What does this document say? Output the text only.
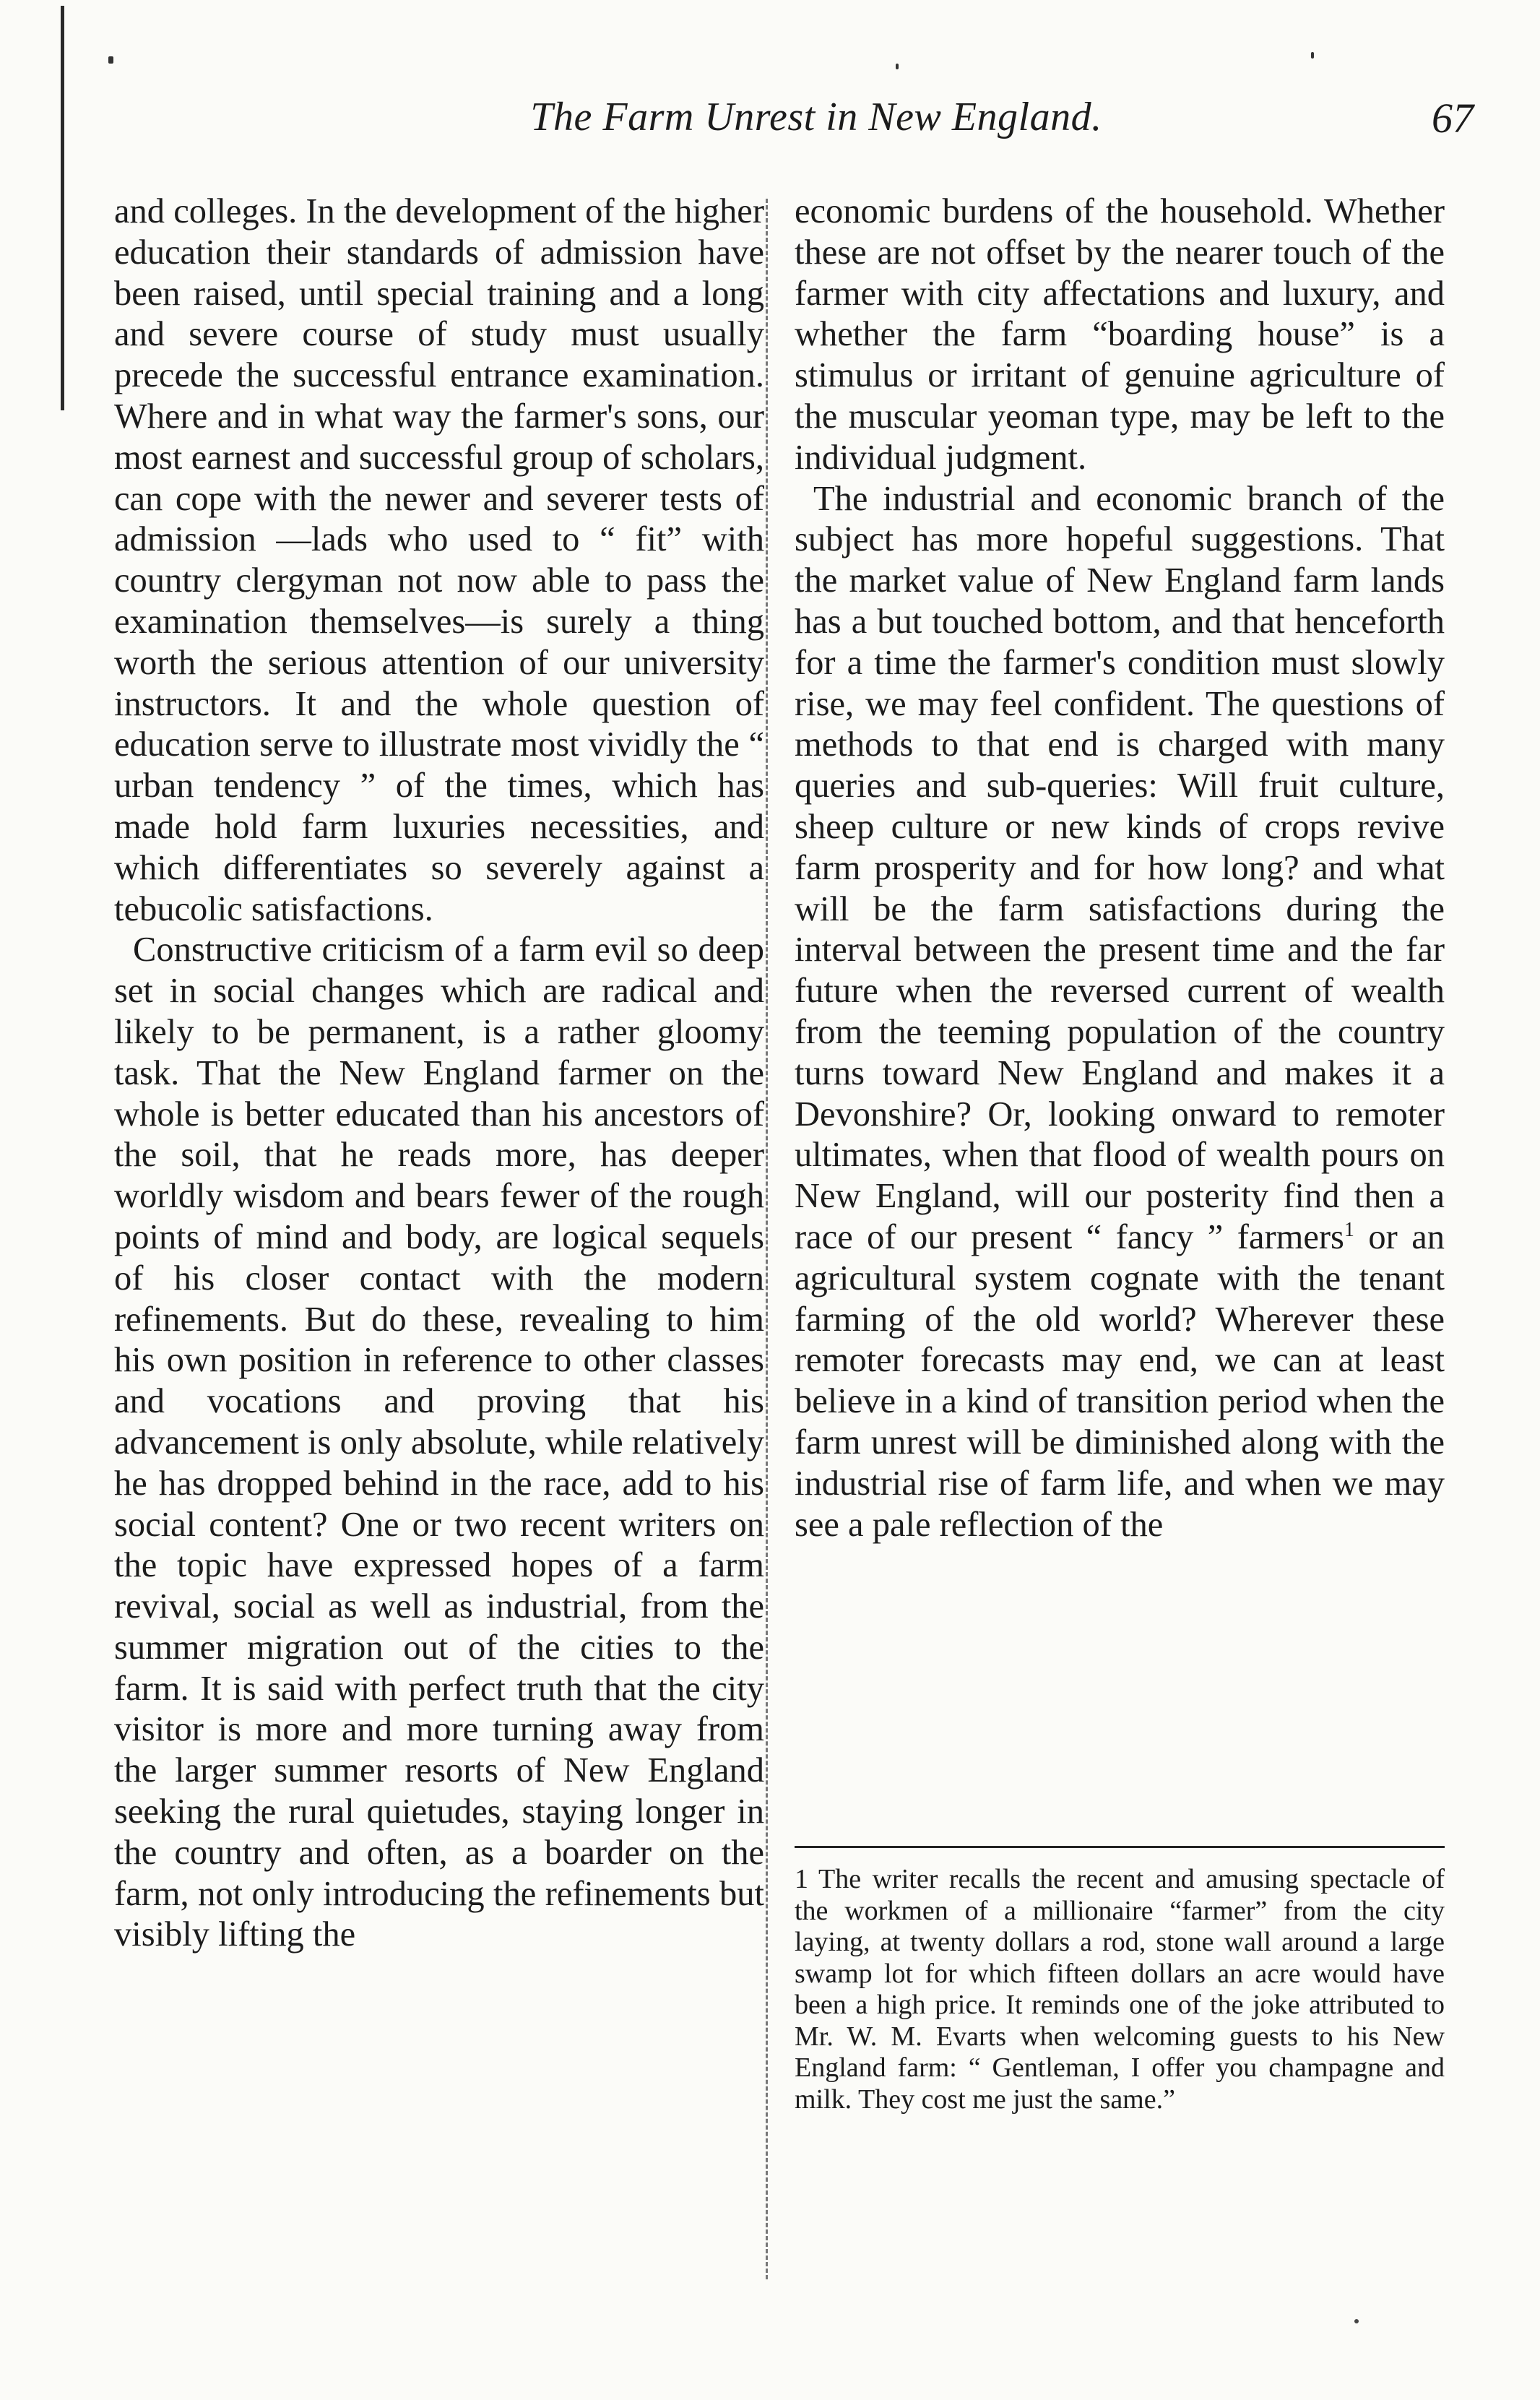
The Farm Unrest in New England.	67

and colleges. In the development of the higher education their standards of admission have been raised, until special training and a long and severe course of study must usually precede the successful entrance examination. Where and in what way the farmer's sons, our most earnest and successful group of scholars, can cope with the newer and severer tests of admission —lads who used to “ fit” with country clergyman not now able to pass the examination themselves—is surely a thing worth the serious attention of our university instructors. It and the whole question of education serve to illustrate most vividly the “ urban tendency ” of the times, which has made hold farm luxuries necessities, and which differentiates so severely against a tebucolic satisfactions.

Constructive criticism of a farm evil so deep set in social changes which are radical and likely to be permanent, is a rather gloomy task. That the New England farmer on the whole is better educated than his ancestors of the soil, that he reads more, has deeper worldly wisdom and bears fewer of the rough points of mind and body, are logical sequels of his closer contact with the modern refinements. But do these, revealing to him his own position in reference to other classes and vocations and proving that his advancement is only absolute, while relatively he has dropped behind in the race, add to his social content? One or two recent writers on the topic have expressed hopes of a farm revival, social as well as industrial, from the summer migration out of the cities to the farm. It is said with perfect truth that the city visitor is more and more turning away from the larger summer resorts of New England seeking the rural quietudes, staying longer in the country and often, as a boarder on the farm, not only introducing the refinements but visibly lifting the

economic burdens of the household. Whether these are not offset by the nearer touch of the farmer with city affectations and luxury, and whether the farm “boarding house” is a stimulus or irritant of genuine agriculture of the muscular yeoman type, may be left to the individual judgment.

The industrial and economic branch of the subject has more hopeful suggestions. That the market value of New England farm lands has a but touched bottom, and that henceforth for a time the farmer's condition must slowly rise, we may feel confident. The questions of methods to that end is charged with many queries and sub-queries: Will fruit culture, sheep culture or new kinds of crops revive farm prosperity and for how long? and what will be the farm satisfactions during the interval between the present time and the far future when the reversed current of wealth from the teeming population of the country turns toward New England and makes it a Devonshire? Or, looking onward to remoter ultimates, when that flood of wealth pours on New England, will our posterity find then a race of our present “ fancy ” farmers$^1$ or an agricultural system cognate with the tenant farming of the old world? Wherever these remoter forecasts may end, we can at least believe in a kind of transition period when the farm unrest will be diminished along with the industrial rise of farm life, and when we may see a pale reflection of the

1 The writer recalls the recent and amusing spectacle of the workmen of a millionaire “farmer” from the city laying, at twenty dollars a rod, stone wall around a large swamp lot for which fifteen dollars an acre would have been a high price. It reminds one of the joke attributed to Mr. W. M. Evarts when welcoming guests to his New England farm: “ Gentleman, I offer you champagne and milk. They cost me just the same.”
